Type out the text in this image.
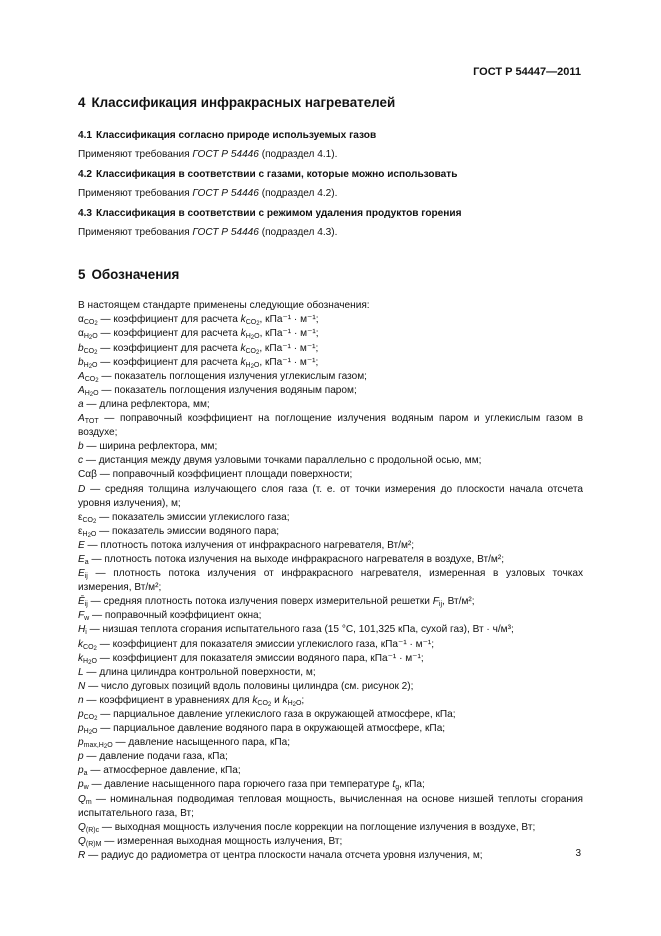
ГОСТ Р 54447—2011
4 Классификация инфракрасных нагревателей
4.1 Классификация согласно природе используемых газов
Применяют требования ГОСТ Р 54446 (подраздел 4.1).
4.2 Классификация в соответствии с газами, которые можно использовать
Применяют требования ГОСТ Р 54446 (подраздел 4.2).
4.3 Классификация в соответствии с режимом удаления продуктов горения
Применяют требования ГОСТ Р 54446 (подраздел 4.3).
5 Обозначения
В настоящем стандарте применены следующие обозначения:
$\alpha_{CO2}$ — коэффициент для расчета $k_{CO2}$, кПа⁻¹ · м⁻¹;
$\alpha_{H2O}$ — коэффициент для расчета $k_{H2O}$, кПа⁻¹ · м⁻¹;
$b_{CO2}$ — коэффициент для расчета $k_{CO2}$, кПа⁻¹ · м⁻¹;
$b_{H2O}$ — коэффициент для расчета $k_{H2O}$, кПа⁻¹ · м⁻¹;
$A_{CO2}$ — показатель поглощения излучения углекислым газом;
$A_{H2O}$ — показатель поглощения излучения водяным паром;
a — длина рефлектора, мм;
$A_{TOT}$ — поправочный коэффициент на поглощение излучения водяным паром и углекислым газом в воздухе;
b — ширина рефлектора, мм;
c — дистанция между двумя узловыми точками параллельно с продольной осью, мм;
Cαβ — поправочный коэффициент площади поверхности;
D — средняя толщина излучающего слоя газа (т. е. от точки измерения до плоскости начала отсчета уровня излучения), м;
$\varepsilon_{CO2}$ — показатель эмиссии углекислого газа;
$\varepsilon_{H2O}$ — показатель эмиссии водяного пара;
E — плотность потока излучения от инфракрасного нагревателя, Вт/м²;
$E_a$ — плотность потока излучения на выходе инфракрасного нагревателя в воздухе, Вт/м²;
$E_{ij}$ — плотность потока излучения от инфракрасного нагревателя, измеренная в узловых точках измерения, Вт/м²;
$Ē_{ij}$ — средняя плотность потока излучения поверх измерительной решетки $F_{ij}$, Вт/м²;
$F_w$ — поправочный коэффициент окна;
$H_i$ — низшая теплота сгорания испытательного газа (15 °С, 101,325 кПа, сухой газ), Вт · ч/м³;
$k_{CO2}$ — коэффициент для показателя эмиссии углекислого газа, кПа⁻¹ · м⁻¹;
$k_{H2O}$ — коэффициент для показателя эмиссии водяного пара, кПа⁻¹ · м⁻¹;
L — длина цилиндра контрольной поверхности, м;
N — число дуговых позиций вдоль половины цилиндра (см. рисунок 2);
n — коэффициент в уравнениях для $k_{CO2}$ и $k_{H2O}$;
$p_{CO2}$ — парциальное давление углекислого газа в окружающей атмосфере, кПа;
$p_{H2O}$ — парциальное давление водяного пара в окружающей атмосфере, кПа;
$p_{max,H2O}$ — давление насыщенного пара, кПа;
p — давление подачи газа, кПа;
$p_a$ — атмосферное давление, кПа;
$p_w$ — давление насыщенного пара горючего газа при температуре $t_g$, кПа;
$Q_m$ — номинальная подводимая тепловая мощность, вычисленная на основе низшей теплоты сгорания испытательного газа, Вт;
$Q_{(R)c}$ — выходная мощность излучения после коррекции на поглощение излучения в воздухе, Вт;
$Q_{(R)M}$ — измеренная выходная мощность излучения, Вт;
R — радиус до радиометра от центра плоскости начала отсчета уровня излучения, м;	3
